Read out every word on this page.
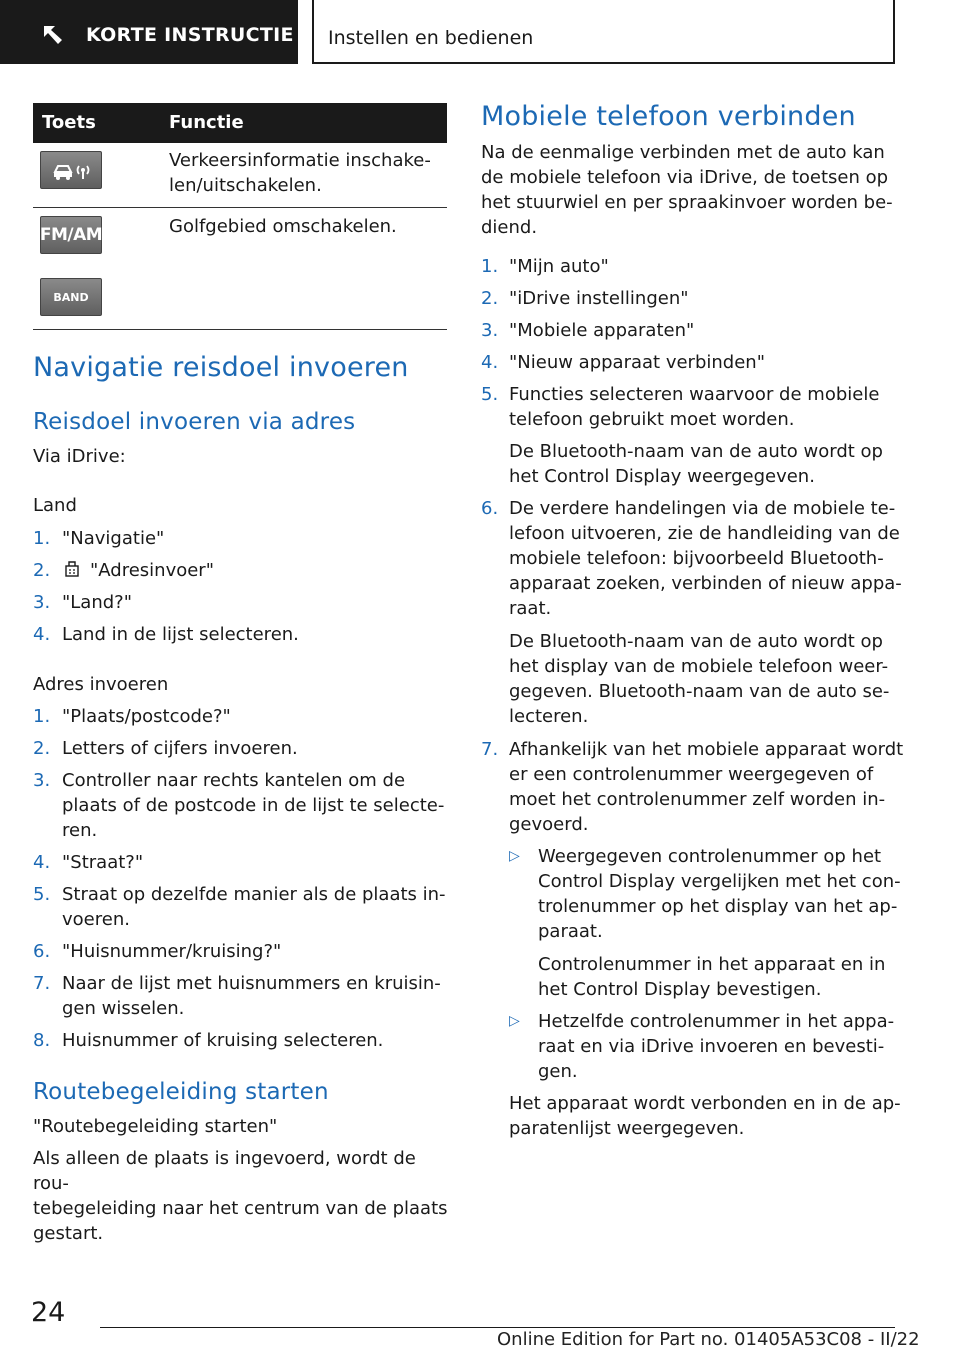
KORTE INSTRUCTIE Instellen en bedienen
Toets	Functie
Verkeersinformatie inschake-
len/uitschakelen.
FM/AM
BAND
Golfgebied omschakelen.
Navigatie reisdoel invoeren
Reisdoel invoeren via adres
Via iDrive:
Land
1. "Navigatie"
2.	"Adresinvoer"
3. "Land?"
4. Land in de lijst selecteren.
Adres invoeren
1. "Plaats/postcode?"
2. Letters of cijfers invoeren.
3. Controller naar rechts kantelen om de
plaats of de postcode in de lijst te selecte-
ren.
4. "Straat?"
5. Straat op dezelfde manier als de plaats in-
voeren.
6. "Huisnummer/kruising?"
7. Naar de lijst met huisnummers en kruisin-
gen wisselen.
8. Huisnummer of kruising selecteren.
Routebegeleiding starten
"Routebegeleiding starten"
Als alleen de plaats is ingevoerd, wordt de rou-
tebegeleiding naar het centrum van de plaats
gestart.
Mobiele telefoon verbinden
Na de eenmalige verbinden met de auto kan
de mobiele telefoon via iDrive, de toetsen op
het stuurwiel en per spraakinvoer worden be-
diend.
1. "Mijn auto"
2. "iDrive instellingen"
3. "Mobiele apparaten"
4. "Nieuw apparaat verbinden"
5. Functies selecteren waarvoor de mobiele
telefoon gebruikt moet worden.
De Bluetooth-naam van de auto wordt op
het Control Display weergegeven.
6. De verdere handelingen via de mobiele te-
lefoon uitvoeren, zie de handleiding van de
mobiele telefoon: bijvoorbeeld Bluetooth-
apparaat zoeken, verbinden of nieuw appa-
raat.
De Bluetooth-naam van de auto wordt op
het display van de mobiele telefoon weer-
gegeven. Bluetooth-naam van de auto se-
lecteren.
7. Afhankelijk van het mobiele apparaat wordt
er een controlenummer weergegeven of
moet het controlenummer zelf worden in-
gevoerd.
▷ Weergegeven controlenummer op het
Control Display vergelijken met het con-
trolenummer op het display van het ap-
paraat.
Controlenummer in het apparaat en in
het Control Display bevestigen.
▷ Hetzelfde controlenummer in het appa-
raat en via iDrive invoeren en bevesti-
gen.
Het apparaat wordt verbonden en in de ap-
paratenlijst weergegeven.
24
Online Edition for Part no. 01405A53C08 - II/22
